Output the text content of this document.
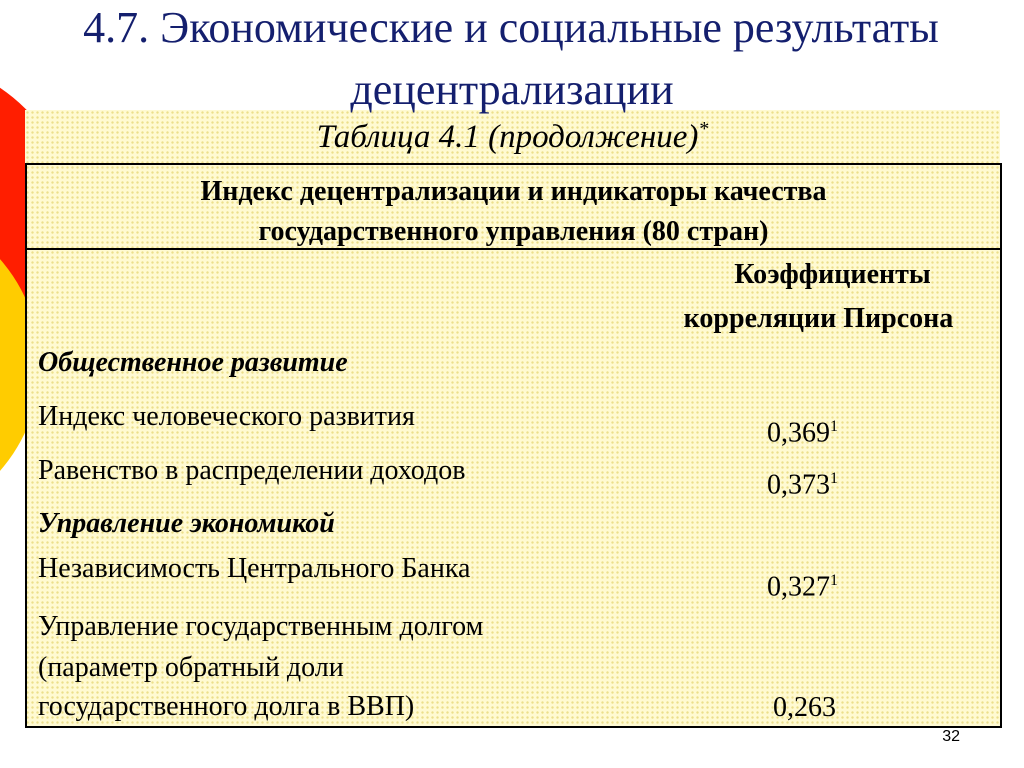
4.7. Экономические и социальные результаты
децентрализации
Таблица 4.1 (продолжение)*
Индекс децентрализации и индикаторы качества
государственного управления (80 стран)
Коэффициенты
корреляции Пирсона
Общественное развитие
Индекс человеческого развития
0,369$^1$
Равенство в распределении доходов	0,373$^1$
Управление экономикой
Независимость Центрального Банка
0,327$^1$
Управление государственным долгом
(параметр обратный доли
государственного долга в ВВП)	0,263
32
